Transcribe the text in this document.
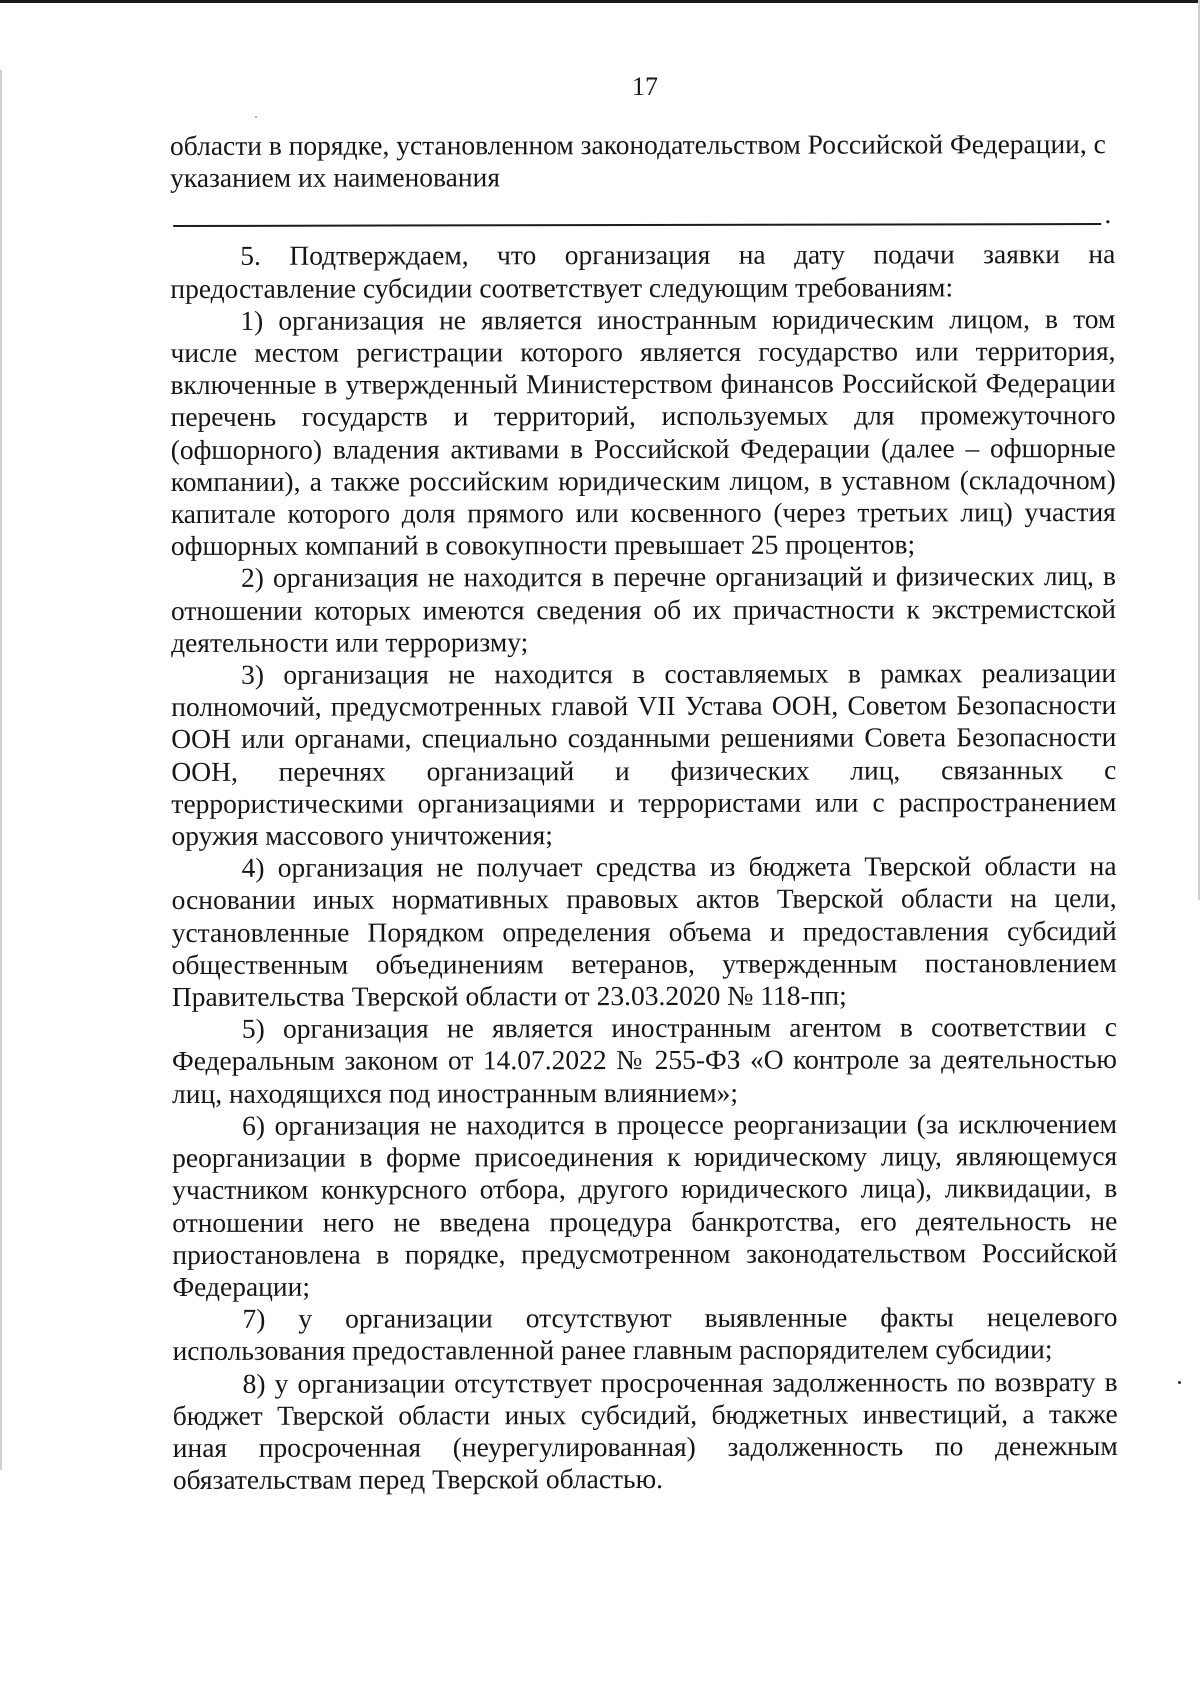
17

области в порядке, установленном законодательством Российской Федерации, с указанием их наименования

.

5. Подтверждаем, что организация на дату подачи заявки на предоставление субсидии соответствует следующим требованиям:

1) организация не является иностранным юридическим лицом, в том числе местом регистрации которого является государство или территория, включенные в утвержденный Министерством финансов Российской Федерации перечень государств и территорий, используемых для промежуточного (офшорного) владения активами в Российской Федерации (далее – офшорные компании), а также российским юридическим лицом, в уставном (складочном) капитале которого доля прямого или косвенного (через третьих лиц) участия офшорных компаний в совокупности превышает 25 процентов;

2) организация не находится в перечне организаций и физических лиц, в отношении которых имеются сведения об их причастности к экстремистской деятельности или терроризму;

3) организация не находится в составляемых в рамках реализации полномочий, предусмотренных главой VII Устава ООН, Советом Безопасности ООН или органами, специально созданными решениями Совета Безопасности ООН, перечнях организаций и физических лиц, связанных с террористическими организациями и террористами или с распространением оружия массового уничтожения;

4) организация не получает средства из бюджета Тверской области на основании иных нормативных правовых актов Тверской области на цели, установленные Порядком определения объема и предоставления субсидий общественным объединениям ветеранов, утвержденным постановлением Правительства Тверской области от 23.03.2020 № 118-пп;

5) организация не является иностранным агентом в соответствии с Федеральным законом от 14.07.2022 № 255-ФЗ «О контроле за деятельностью лиц, находящихся под иностранным влиянием»;

6) организация не находится в процессе реорганизации (за исключением реорганизации в форме присоединения к юридическому лицу, являющемуся участником конкурсного отбора, другого юридического лица), ликвидации, в отношении него не введена процедура банкротства, его деятельность не приостановлена в порядке, предусмотренном законодательством Российской Федерации;

7) у организации отсутствуют выявленные факты нецелевого использования предоставленной ранее главным распорядителем субсидии;

8) у организации отсутствует просроченная задолженность по возврату в бюджет Тверской области иных субсидий, бюджетных инвестиций, а также иная просроченная (неурегулированная) задолженность по денежным обязательствам перед Тверской областью.
